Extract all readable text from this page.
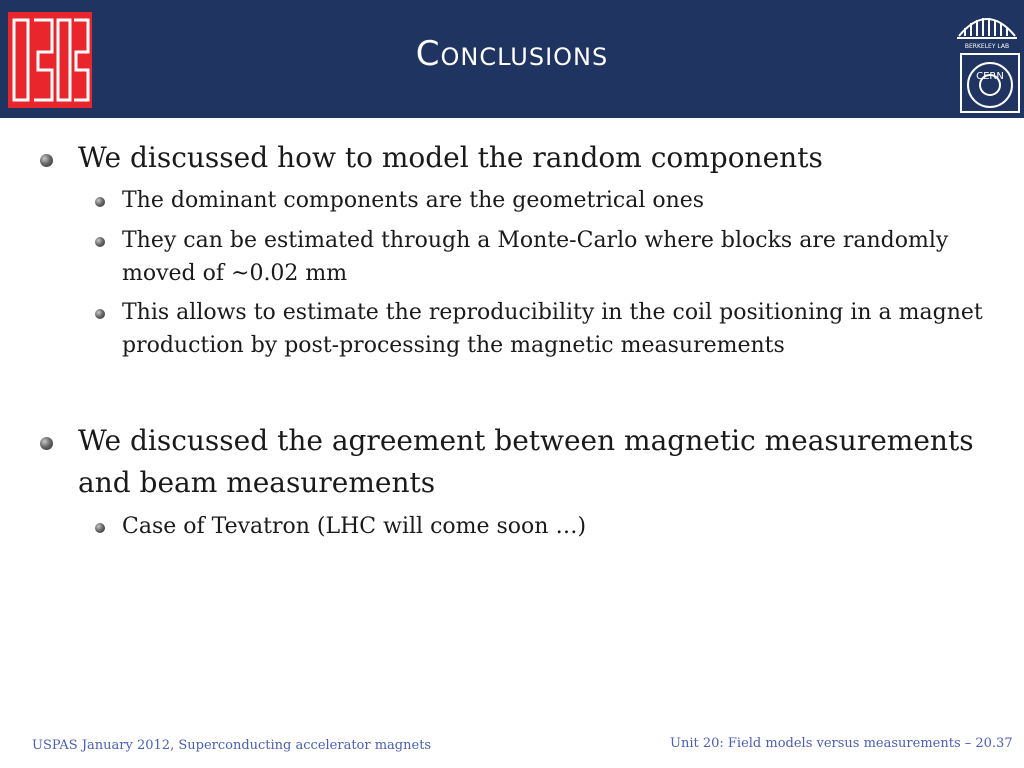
Conclusions	BERKELEY LAB
CERN
We discussed how to model the random components
The dominant components are the geometrical ones
They can be estimated through a Monte-Carlo where blocks are randomly moved of ~0.02 mm
This allows to estimate the reproducibility in the coil positioning in a magnet production by post-processing the magnetic measurements
We discussed the agreement between magnetic measurements and beam measurements
Case of Tevatron (LHC will come soon …)
USPAS January 2012, Superconducting accelerator magnets	Unit 20: Field models versus measurements – 20.37
